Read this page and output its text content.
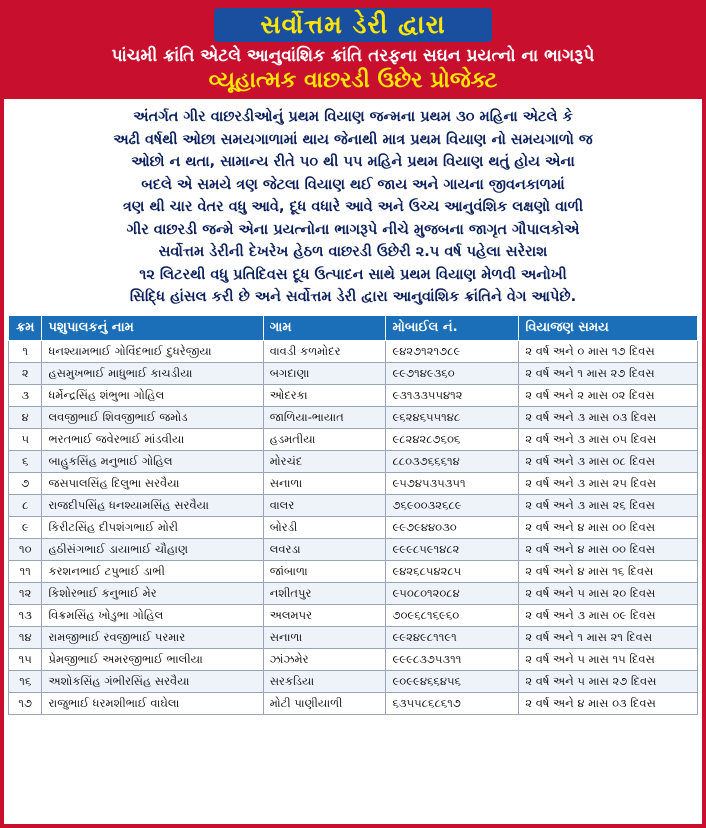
સર્વોત્તમ ડેરી દ્વારા
પાંચમી ક્રાંતિ એટલે આનુવાંશિક ક્રાંતિ તરફના સઘન પ્રયત્નો ના ભાગરૂપે
વ્યૂહાત્મક વાછરડી ઉછેર પ્રોજેક્ટ
અંતર્ગત ગીર વાછરડીઓનું પ્રથમ વિયાણ જન્મના પ્રથમ ૩૦ મહિના એટલે કે
અઢી વર્ષથી ઓછા સમયગાળામાં થાય જેનાથી માત્ર પ્રથમ વિયાણ નો સમયગાળો જ
ઓછો ન થતા, સામાન્ય રીતે ૫૦ થી ૫૫ મહિને પ્રથમ વિયાણ થતું હોય એના
બદલે એ સમયે ત્રણ જેટલા વિયાણ થઈ જાય અને ગાયના જીવનકાળમાં
ત્રણ થી ચાર વેતર વધુ આવે, દૂધ વધારે આવે અને ઉચ્ચ આનુવંશિક લક્ષણો વાળી
ગીર વાછરડી જન્મે એના પ્રયત્નોના ભાગરૂપે નીચે મુજબના જાગૃત ગૌપાલકોએ
સર્વોત્તમ ડેરીની દેખરેખ હેઠળ વાછરડી ઉછેરી ૨.૫ વર્ષ પહેલા સરેરાશ
૧૨ લિટરથી વધુ પ્રતિદિવસ દૂધ ઉત્પાદન સાથે પ્રથમ વિયાણ મેળવી અનોખી
સિદ્ધિ હાંસલ કરી છે અને સર્વોત્તમ ડેરી દ્વારા આનુવાંશિક ક્રાંતિને વેગ આપેછે.
ક્રમ	પશુપાલકનું નામ	ગામ	મોબાઈલ નં.	વિયાજણ સમય
૧	ધનશ્યામભાઈ ગોવિંદભાઈ દુધરેજીયા	વાવડી કળમોદર	૯૪૨૭૧૨૧૭૮૯	૨ વર્ષ અને ૦ માસ ૧૭ દિવસ
૨	હસમુખભાઈ માધુભાઈ કાચડીયા	બગદાણા	૯૯૭૧૪૯૩૬૦	૨ વર્ષ અને ૧ માસ ૨૭ દિવસ
૩	ધર્મેન્દ્રસિંહ શંભુભા ગોહિલ	ઓદરકા	૯૩૧૩૩૫૫૪૧૨	૨ વર્ષ અને ૨ માસ ૦૨ દિવસ
૪	લવજીભાઈ શિવજીભાઈ જમોડ	જાળિયા-ભાયાત	૯૬૨૪૬૫૫૧૪૮	૨ વર્ષ અને ૩ માસ ૦૩ દિવસ
૫	ભરતભાઈ જવેરભાઈ માંડવીયા	હડમતીયા	૯૮૨૪૨૮૭૬૦૬	૨ વર્ષ અને ૩ માસ ૦૫ દિવસ
૬	બાહુકસિંહ મનુભાઈ ગોહિલ	મોરચંદ	૮૮૦૩૭૬૬૬૧૪	૨ વર્ષ અને ૩ માસ ૦૮ દિવસ
૭	જસપાલસિંહ દિલુભા સરવૈયા	સનાળા	૯૫૭૪૫૩૫૩૫૧	૨ વર્ષ અને ૩ માસ ૨૫ દિવસ
૮	રાજદીપસિંહ ધનશ્યામસિંહ સરવૈયા	વાલર	૭૬૯૦૦૩૨૬૮૯	૨ વર્ષ અને ૩ માસ ૨૬ દિવસ
૯	કિરીટસિંહ દીપશંગભાઈ મોરી	બોરડી	૯૯૭૯૪૪૦૩૦	૨ વર્ષ અને ૪ માસ ૦૦ દિવસ
૧૦	હઠીસંગભાઈ ડાયાભાઈ ચૌહાણ	લવરડા	૯૯૯૮૫૯૧૪૮૨	૨ વર્ષ અને ૪ માસ ૦૦ દિવસ
૧૧	કરશનભાઈ ટપુભાઈ ડાભી	જાંબાળા	૯૪૨૬૮૫૪૨૮૫	૨ વર્ષ અને ૪ માસ ૧૬ દિવસ
૧૨	કિશોરભાઈ કનુભાઈ મેર	નશીતપુર	૯૫૦૮૦૧૨૦૮૪	૨ વર્ષ અને ૫ માસ ૨૦ દિવસ
૧૩	વિક્રમસિંહ ખોડુભા ગોહિલ	અલમપર	૭૦૯૬૮૧૬૯૬૦	૨ વર્ષ અને ૩ માસ ૦૯ દિવસ
૧૪	રામજીભાઈ રવજીભાઈ પરમાર	સનાળા	૯૯૨૪૯૮૧૧૯૧	૨ વર્ષ અને ૧ માસ ૨૧ દિવસ
૧૫	પ્રેમજીભાઈ અમરજીભાઈ ભાલીયા	ઝાંઝમેર	૯૯૯૮૩૭૫૩૧૧	૨ વર્ષ અને ૫ માસ ૧૫ દિવસ
૧૬	અશોકસિંહ ગંભીરસિંહ સરવૈયા	સરકડિયા	૯૦૯૯૪૬૬૪૫૬	૨ વર્ષ અને ૫ માસ ૨૭ દિવસ
૧૭	રાજુભાઈ ધરમશીભાઈ વાઘેલા	મોટી પાણીયાળી	૬૩૫૫૮૬૮૬૧૭	૨ વર્ષ અને ૪ માસ ૦૩ દિવસ
